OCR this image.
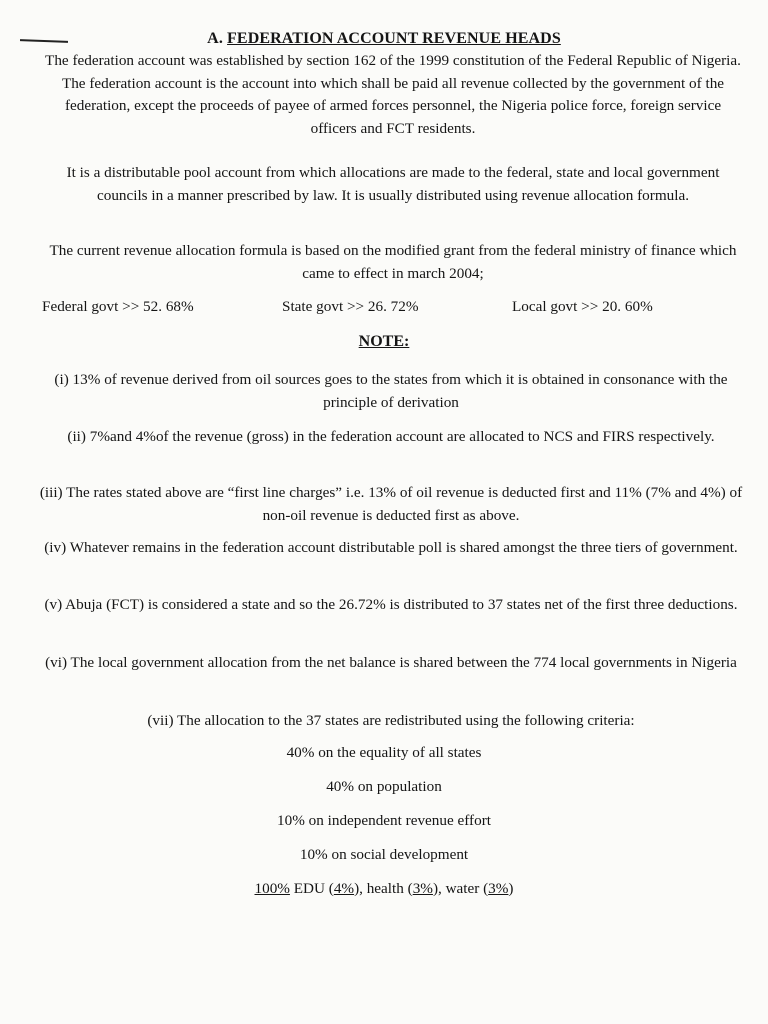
A. FEDERATION ACCOUNT REVENUE HEADS

The federation account was established by section 162 of the 1999 constitution of the Federal Republic of Nigeria. The federation account is the account into which shall be paid all revenue collected by the government of the federation, except the proceeds of payee of armed forces personnel, the Nigeria police force, foreign service officers and FCT residents.

It is a distributable pool account from which allocations are made to the federal, state and local government councils in a manner prescribed by law. It is usually distributed using revenue allocation formula.

The current revenue allocation formula is based on the modified grant from the federal ministry of finance which came to effect in march 2004;

Federal govt >> 52. 68%	State govt >> 26. 72%	Local govt >> 20. 60%
NOTE:

(i) 13% of revenue derived from oil sources goes to the states from which it is obtained in consonance with the principle of derivation

(ii) 7%and 4%of the revenue (gross) in the federation account are allocated to NCS and FIRS respectively.

(iii) The rates stated above are “first line charges” i.e. 13% of oil revenue is deducted first and 11% (7% and 4%) of non-oil revenue is deducted first as above.

(iv) Whatever remains in the federation account distributable poll is shared amongst the three tiers of government.

(v) Abuja (FCT) is considered a state and so the 26.72% is distributed to 37 states net of the first three deductions.

(vi) The local government allocation from the net balance is shared between the 774 local governments in Nigeria

(vii) The allocation to the 37 states are redistributed using the following criteria:

40% on the equality of all states
40% on population
10% on independent revenue effort
10% on social development
100% EDU (4%), health (3%), water (3%)
